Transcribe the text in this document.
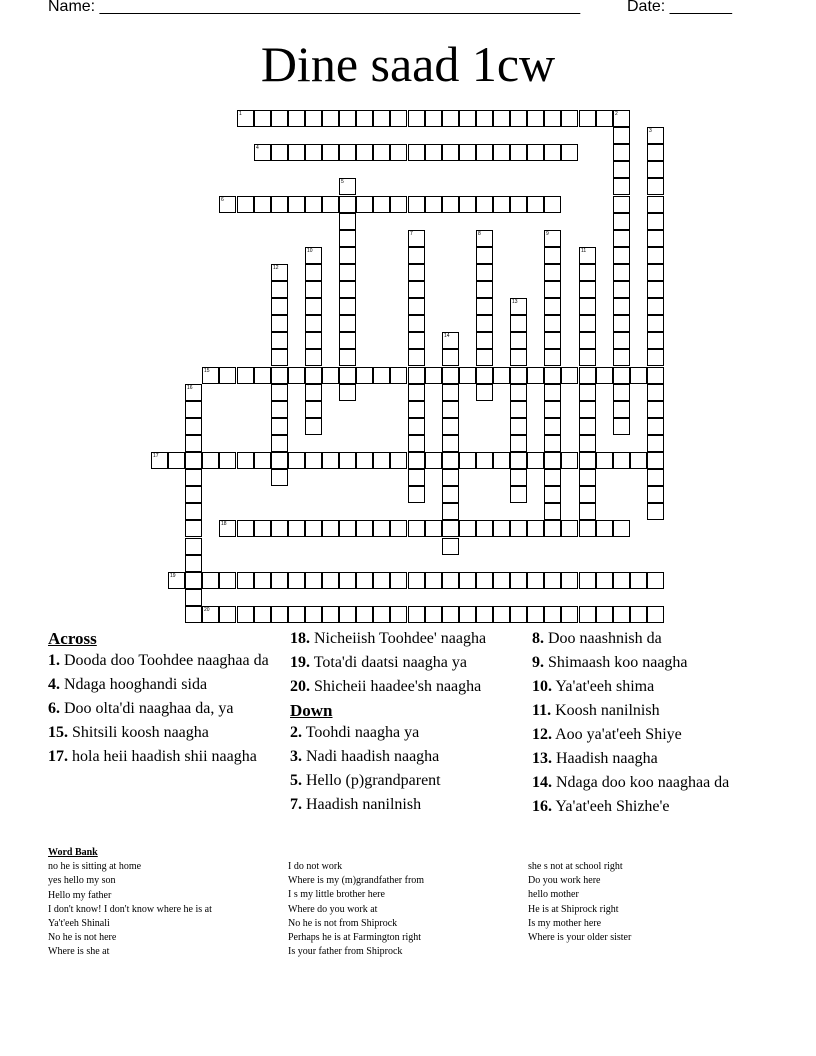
Name: ______________________________________________________	Date: _______
Dine saad 1cw
1	2
3
4
5
6
7	8	9
10	11
12
13
14
15
16
17
18
19
20
Across
1. Dooda doo Toohdee naaghaa da
4. Ndaga hooghandi sida
6. Doo olta'di naaghaa da, ya
15. Shitsili koosh naagha
17. hola heii haadish shii naagha
18. Nicheiish Toohdee' naagha
19. Tota'di daatsi naagha ya
20. Shicheii haadee'sh naagha
Down
2. Toohdi naagha ya
3. Nadi haadish naagha
5. Hello (p)grandparent
7. Haadish nanilnish
8. Doo naashnish da
9. Shimaash koo naagha
10. Ya'at'eeh shima
11. Koosh nanilnish
12. Aoo ya'at'eeh Shiye
13. Haadish naagha
14. Ndaga doo koo naaghaa da
16. Ya'at'eeh Shizhe'e
Word Bank
no he is sitting at home
yes hello my son
Hello my father
I don't know! I don't know where he is at
Ya't'eeh Shinali
No he is not here
Where is she at
I do not work
Where is my (m)grandfather from
I s my little brother here
Where do you work at
No he is not from Shiprock
Perhaps he is at Farmington right
Is your father from Shiprock
she s not at school right
Do you work here
hello mother
He is at Shiprock right
Is my mother here
Where is your older sister
